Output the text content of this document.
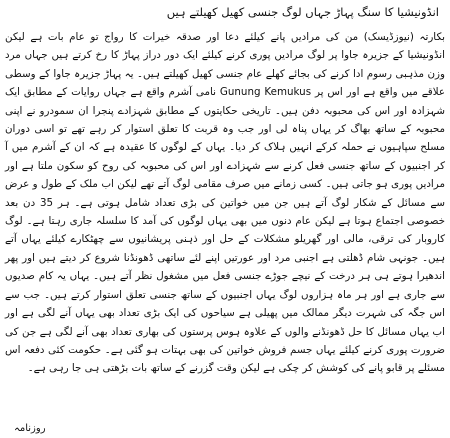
انڈونیشیا کا سنگ پہاڑ جہاں لوگ جنسی کھیل کھیلتے ہیں

بکارتہ (نیوزڈیسک) من کی مرادیں پانے کیلئے دعا اور صدقہ خیرات کا رواج تو عام بات ہے لیکن انڈونیشیا کے جزیرہ جاوا پر لوگ مرادیں پوری کرنے کیلئے ایک دور دراز پہاڑ کا رخ کرتے ہیں جہاں مرد وزن مذہبی رسوم ادا کرنے کی بجائے کھلے عام جنسی کھیل کھیلتے ہیں۔ یہ پہاڑ جزیرہ جاوا کے وسطی علاقے میں واقع ہے اور اس پر Gunung Kemukus نامی آشرم واقع ہے جہاں روایات کے مطابق ایک شہزادہ اور اس کی محبوبہ دفن ہیں۔ تاریخی حکایتوں کے مطابق شہزادے پنجرا ان سمودرو نے اپنی محبوبہ کے ساتھ بھاگ کر یہاں پناہ لی اور جب وہ قربت کا تعلق استوار کر رہے تھے تو اسی دوران مسلح سپاہیوں نے حملہ کرکے انہیں ہلاک کر دیا۔ یہاں کے لوگوں کا عقیدہ ہے کہ ان کے آشرم میں آ کر اجنبیوں کے ساتھ جنسی فعل کرنے سے شہزادے اور اس کی محبوبہ کی روح کو سکون ملتا ہے اور مرادیں پوری ہو جاتی ہیں۔ کسی زمانے میں صرف مقامی لوگ آتے تھے لیکن اب ملک کے طول و عرض سے مسائل کے شکار لوگ آتے ہیں جن میں خواتین کی بڑی تعداد شامل ہوتی ہے۔ ہر 35 دن بعد خصوصی اجتماع ہوتا ہے لیکن عام دنوں میں بھی یہاں لوگوں کی آمد کا سلسلہ جاری رہتا ہے۔ لوگ کاروبار کی ترقی، مالی اور گھریلو مشکلات کے حل اور ذہنی پریشانیوں سے چھٹکارے کیلئے یہاں آتے ہیں۔ جونہی شام ڈھلتی ہے اجنبی مرد اور عورتیں اپنے لئے ساتھی ڈھونڈنا شروع کر دیتے ہیں اور پھر اندھیرا ہوتے ہی ہر درخت کے نیچے جوڑے جنسی فعل میں مشغول نظر آتے ہیں۔ یہاں یہ کام صدیوں سے جاری ہے اور ہر ماہ ہزاروں لوگ یہاں اجنبیوں کے ساتھ جنسی تعلق استوار کرتے ہیں۔ جب سے اس جگہ کی شہرت دیگر ممالک میں پھیلی ہے سیاحوں کی ایک بڑی تعداد بھی یہاں آنے لگی ہے اور اب یہاں مسائل کا حل ڈھونڈنے والوں کے علاوہ ہوس پرستوں کی بھاری تعداد بھی آنے لگی ہے جن کی ضرورت پوری کرنے کیلئے یہاں جسم فروش خواتین کی بھی بہتات ہو گئی ہے۔ حکومت کئی دفعہ اس مسئلے پر قابو پانے کی کوشش کر چکی ہے لیکن وقت گزرنے کے ساتھ بات بڑھتی ہی جا رہی ہے۔

روزنامہ
